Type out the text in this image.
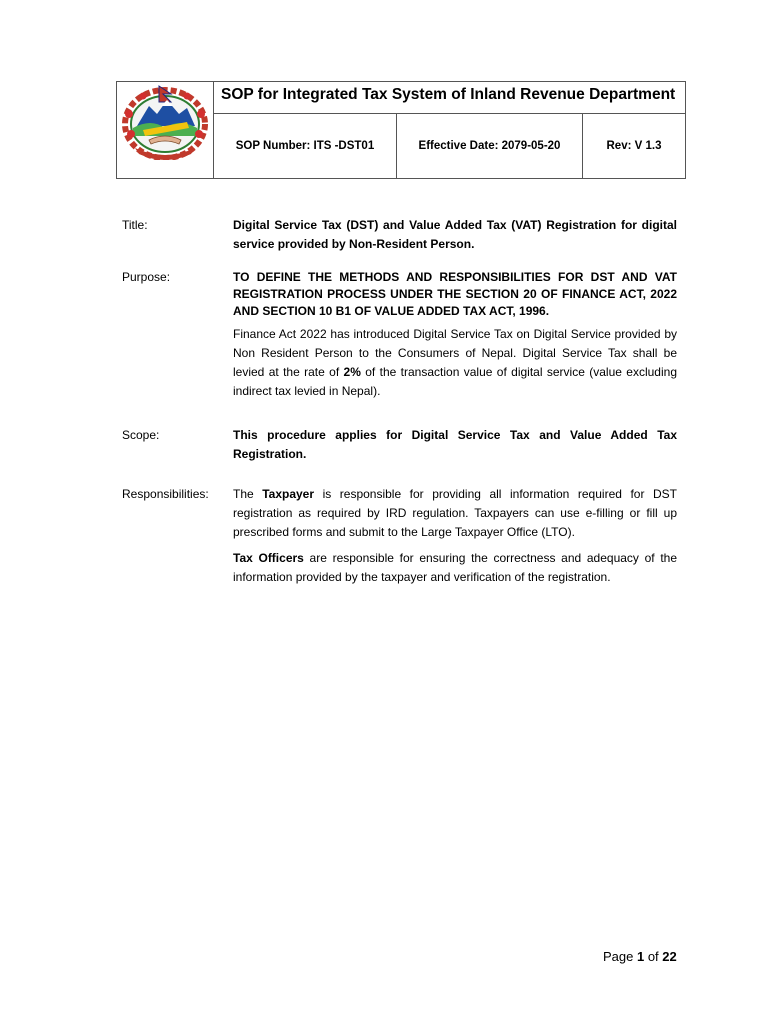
SOP for Integrated Tax System of Inland Revenue Department
SOP Number: ITS -DST01	Effective Date: 2079-05-20	Rev: V 1.3
Title:	Digital Service Tax (DST) and Value Added Tax (VAT) Registration for digital service provided by Non-Resident Person.
Purpose:	TO DEFINE THE METHODS AND RESPONSIBILITIES FOR DST AND VAT REGISTRATION PROCESS UNDER THE SECTION 20 OF FINANCE ACT, 2022 AND SECTION 10 B1 OF VALUE ADDED TAX ACT, 1996.
Finance Act 2022 has introduced Digital Service Tax on Digital Service provided by Non Resident Person to the Consumers of Nepal. Digital Service Tax shall be levied at the rate of 2% of the transaction value of digital service (value excluding indirect tax levied in Nepal).
Scope:	This procedure applies for Digital Service Tax and Value Added Tax Registration.
Responsibilities: The Taxpayer is responsible for providing all information required for DST registration as required by IRD regulation. Taxpayers can use e-filling or fill up prescribed forms and submit to the Large Taxpayer Office (LTO).
Tax Officers are responsible for ensuring the correctness and adequacy of the information provided by the taxpayer and verification of the registration.
Page 1 of 22
